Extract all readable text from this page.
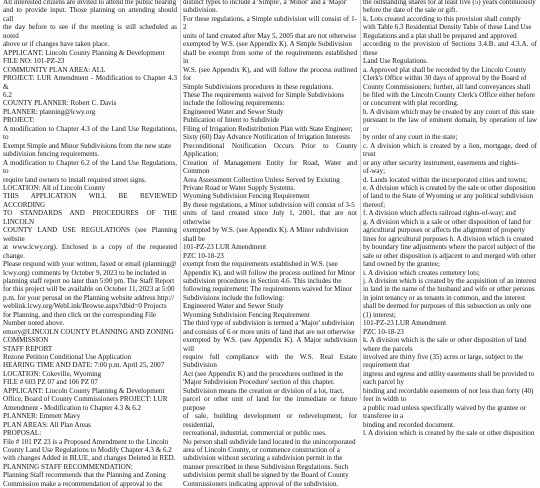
All interested citizens are invited to attend the public hearing

and to provide input. Those planning on attending should call

the day before to see if the meeting is still scheduled as noted

above or if changes have taken place.

APPLICANT: Lincoln County Planning & Development

FILE NO: 101-PZ-23

COMMUNITY PLAN AREA: ALL

PROJECT: LUR Amendment - Modification to Chapter 4.3 &

6.2

COUNTY PLANNER: Robert C. Davis

PLANNER: planning@lcwy.org

PROJECT:

A modification to Chapter 4.3 of the Land Use Regulations, to

Exempt Simple and Minor Subdivisions from the new state

subdivision fencing requirements.

A modification to Chapter 6.2 of the Land Use Regulations, to

require land owners to install required street signs.

LOCATION: All of Lincoln County

THIS APPLICATION WILL BE REVIEWED ACCORDING

TO STANDARDS AND PROCEDURES OF THE LINCOLN

COUNTY LAND USE REGULATIONS (see Planning website

at www.lcwy.org). Enclosed is a copy of the requested change.

Please respond with your written, faxed or email (planning@

lcwy.org) comments by October 9, 2023 to be included in

planning staff report no later than 5:00 pm. The Staff Report

for this project will be available on October 11, 2023 at 5:00

p.m. for your perusal on the Planning website address http://

weblink.lcwy.org/WebLink/Browse.aspx?dbid=0 Projects

for Planning, and then click on the corresponding File

Number noted above.

emory@LINCOLN COUNTY PLANNING AND ZONING

COMMISSION

STAFF REPORT

Rezone Petition Conditional Use Application

HEARING TIME AND DATE: 7:00 p.m. April 25, 2007

LOCATION: Cokeville, Wyoming

FILE # 603 PZ 07 and 106 PZ 07

APPLICANT: Lincoln County Planning & Development

Office, Board of County Commissioners PROJECT: LUR

Amendment - Modification to Chapter 4.3 & 6.2

PLANNER: Emmett Mavy

PLAN AREAS: All Plan Areas

PROPOSAL:

File # 101 PZ 23 is a Proposed Amendment to the Lincoln

County Land Use Regulations to Modify Chapter 4.3 & 6.2

with changes Added in BLUE, and changes Deleted in RED.

PLANNING STAFF RECOMMENDATION:

Planning Staff recommends that the Planning and Zoning

Commission make a recommendation of approval to the

distinct types to include a 'Simple', a 'Minor' and a 'Major'

subdivision.

For these regulations, a Simple subdivision will consist of 1-2

units of land created after May 5, 2005 that are not otherwise

exempted by W.S. (see Appendix K). A Simple Subdivision

shall be exempt from some of the requirements established in

W.S. (see Appendix K), and will follow the process outlined for

Simple Subdivisions procedures in these regulations.

These The requirements waived for Simple Subdivisions

include the following requirements:

Engineered Water and Sewer Study

Publication of Intent to Subdivide

Filing of Irrigation Redistribution Plan with State Engineer;

Sixty (60) Day Advance Notification of Irrigation Interests

Preconditional Notification Occurs Prior to County Application;

Creation of Management Entity for Road, Water and Common

Area Assessment Collection Unless Served by Existing

Private Road or Water Supply Systems.

Wyoming Subdivision Fencing Requirement

By these regulations, a Minor subdivision will consist of 3-5

units of land created since July 1, 2001, that are not otherwise

exempted by W.S. (see Appendix K). A Minor subdivision

shall be

101-PZ-23 LUR Amendment

PZC 10-18-23

exempt from the requirements established in W.S. (see

Appendix K), and will follow the process outlined for Minor

subdivision procedures in Section 4.6. This includes the

following requirement: The requirements waived for Minor

Subdivisions include the following:

Engineered Water and Sewer Study

Wyoming Subdivision Fencing Requirement

The third type of subdivision is termed a 'Major' subdivision

and consists of 6 or more units of land that are not otherwise

exempted by W.S. (see Appendix K). A Major subdivision will

require full compliance with the W.S. Real Estate Subdivision

Act (see Appendix K) and the procedures outlined in the

'Major Subdivision Procedure' section of this chapter.

Subdivision means the creation or division of a lot, tract,

parcel or other unit of land for the immediate or future purpose

of sale, building development or redevelopment, for residential,

recreational, industrial, commercial or public uses.

No person shall subdivide land located in the unincorporated

area of Lincoln County, or commence construction of a

subdivision without securing a subdivision permit in the

manner prescribed in these Subdivision Regulations. Such

subdivision permit shall be signed by the Board of County

Commissioners indicating approval of the subdivision.

the outstanding shares for at least five (5) years continuously

before the date of the sale or gift.

k. Lots created according to this provision shall comply

with Table 6.3 Residential Density Table of these Land Use

Regulations and a plat shall be prepared and approved

according to the provision of Sections 3.4.B. and 4.3.A. of these

Land Use Regulations.

a. Approved plat shall be recorded by the Lincoln County

Clerk's Office within 30 days of approval by the Board of

County Commissioners; further, all land conveyances shall

be filed with the Lincoln County Clerk's Office either before

or concurrent with plat recording.

h. A division which may be created by any court of this state

pursuant to the law of eminent domain, by operation of law or

by order of any court in the state;

c. A division which is created by a lien, mortgage, deed of trust

or any other security instrument, easements and rights-

of-way;

d. Lands located within the incorporated cities and towns;

e. A division which is created by the sale or other disposition

of land to the State of Wyoming or any political subdivision

thereof;

f. A division which affects railroad rights-of-way; and

g. A division which is a sale or other disposition of land for

agricultural purposes or affects the alignment of property

lines for agricultural purposes h. A division which is created

by boundary line adjustments where the parcel subject of the

sale or other disposition is adjacent to and merged with other

land owned by the grantee;

i. A division which creates cemetery lots;

j. A division which is created by the acquisition of an interest

in land in the name of the husband and wife or other persons

in joint tenancy or as tenants in common, and the interest

shall be deemed for purposes of this subsection as only one

(1) interest;

101-PZ-23 LUR Amendment

PZC 10-18-23

k. A division which is the sale or other disposition of land

where the parcels

involved are thirty five (35) acres or large, subject to the

requirement that

ingress and egress and utility easements shall be provided to

each parcel by

binding and recordable easements of not less than forty (40)

feet in width to

a public road unless specifically waived by the grantee or

transferee in a

binding and recorded document.

l. A division which is created by the sale or other disposition
